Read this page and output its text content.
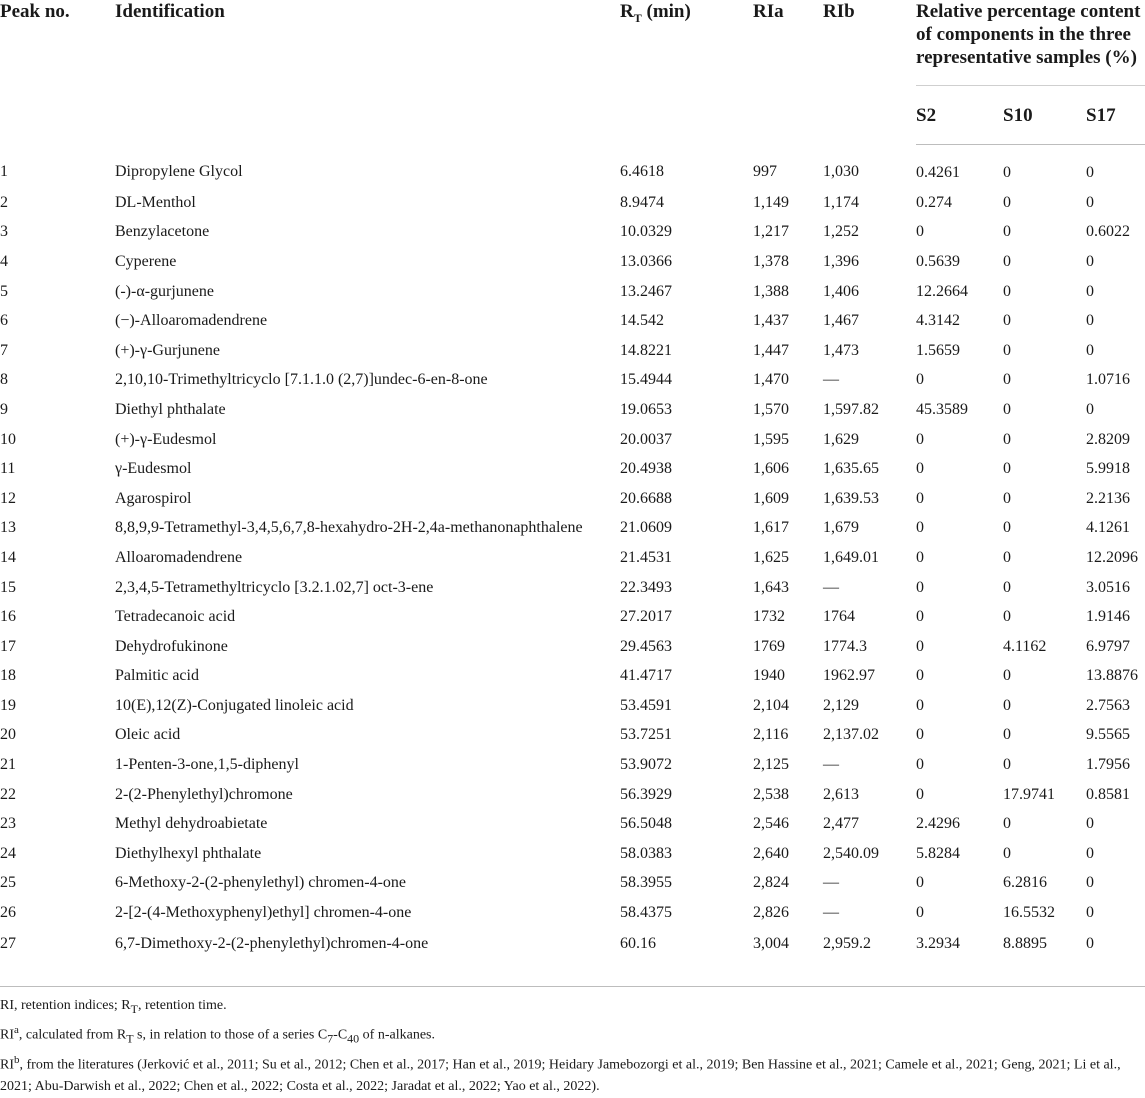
Peak no.	Identification	$R_T$ (min)	RIa	RIb	Relative percentage content of components in the three representative samples (%)		
					S2	S10	S17
1	Dipropylene Glycol	6.4618	997	1,030	0.4261	0	0
2	DL-Menthol	8.9474	1,149	1,174	0.274	0	0
3	Benzylacetone	10.0329	1,217	1,252	0	0	0.6022
4	Cyperene	13.0366	1,378	1,396	0.5639	0	0
5	(-)-α-gurjunene	13.2467	1,388	1,406	12.2664	0	0
6	(−)-Alloaromadendrene	14.542	1,437	1,467	4.3142	0	0
7	(+)-γ-Gurjunene	14.8221	1,447	1,473	1.5659	0	0
8	2,10,10-Trimethyltricyclo [7.1.1.0 (2,7)]undec-6-en-8-one	15.4944	1,470	—	0	0	1.0716
9	Diethyl phthalate	19.0653	1,570	1,597.82	45.3589	0	0
10	(+)-γ-Eudesmol	20.0037	1,595	1,629	0	0	2.8209
11	γ-Eudesmol	20.4938	1,606	1,635.65	0	0	5.9918
12	Agarospirol	20.6688	1,609	1,639.53	0	0	2.2136
13	8,8,9,9-Tetramethyl-3,4,5,6,7,8-hexahydro-2H-2,4a-methanonaphthalene	21.0609	1,617	1,679	0	0	4.1261
14	Alloaromadendrene	21.4531	1,625	1,649.01	0	0	12.2096
15	2,3,4,5-Tetramethyltricyclo [3.2.1.02,7] oct-3-ene	22.3493	1,643	—	0	0	3.0516
16	Tetradecanoic acid	27.2017	1732	1764	0	0	1.9146
17	Dehydrofukinone	29.4563	1769	1774.3	0	4.1162	6.9797
18	Palmitic acid	41.4717	1940	1962.97	0	0	13.8876
19	10(E),12(Z)-Conjugated linoleic acid	53.4591	2,104	2,129	0	0	2.7563
20	Oleic acid	53.7251	2,116	2,137.02	0	0	9.5565
21	1-Penten-3-one,1,5-diphenyl	53.9072	2,125	—	0	0	1.7956
22	2-(2-Phenylethyl)chromone	56.3929	2,538	2,613	0	17.9741	0.8581
23	Methyl dehydroabietate	56.5048	2,546	2,477	2.4296	0	0
24	Diethylhexyl phthalate	58.0383	2,640	2,540.09	5.8284	0	0
25	6-Methoxy-2-(2-phenylethyl) chromen-4-one	58.3955	2,824	—	0	6.2816	0
26	2-[2-(4-Methoxyphenyl)ethyl] chromen-4-one	58.4375	2,826	—	0	16.5532	0
27	6,7-Dimethoxy-2-(2-phenylethyl)chromen-4-one	60.16	3,004	2,959.2	3.2934	8.8895	0

RI, retention indices; $R_T$, retention time.

$RI^a$, calculated from $R_T$ s, in relation to those of a series $C_7-C_{40}$ of n-alkanes.

$RI^b$, from the literatures (Jerković et al., 2011; Su et al., 2012; Chen et al., 2017; Han et al., 2019; Heidary Jamebozorgi et al., 2019; Ben Hassine et al., 2021; Camele et al., 2021; Geng, 2021; Li et al., 2021; Abu-Darwish et al., 2022; Chen et al., 2022; Costa et al., 2022; Jaradat et al., 2022; Yao et al., 2022).
